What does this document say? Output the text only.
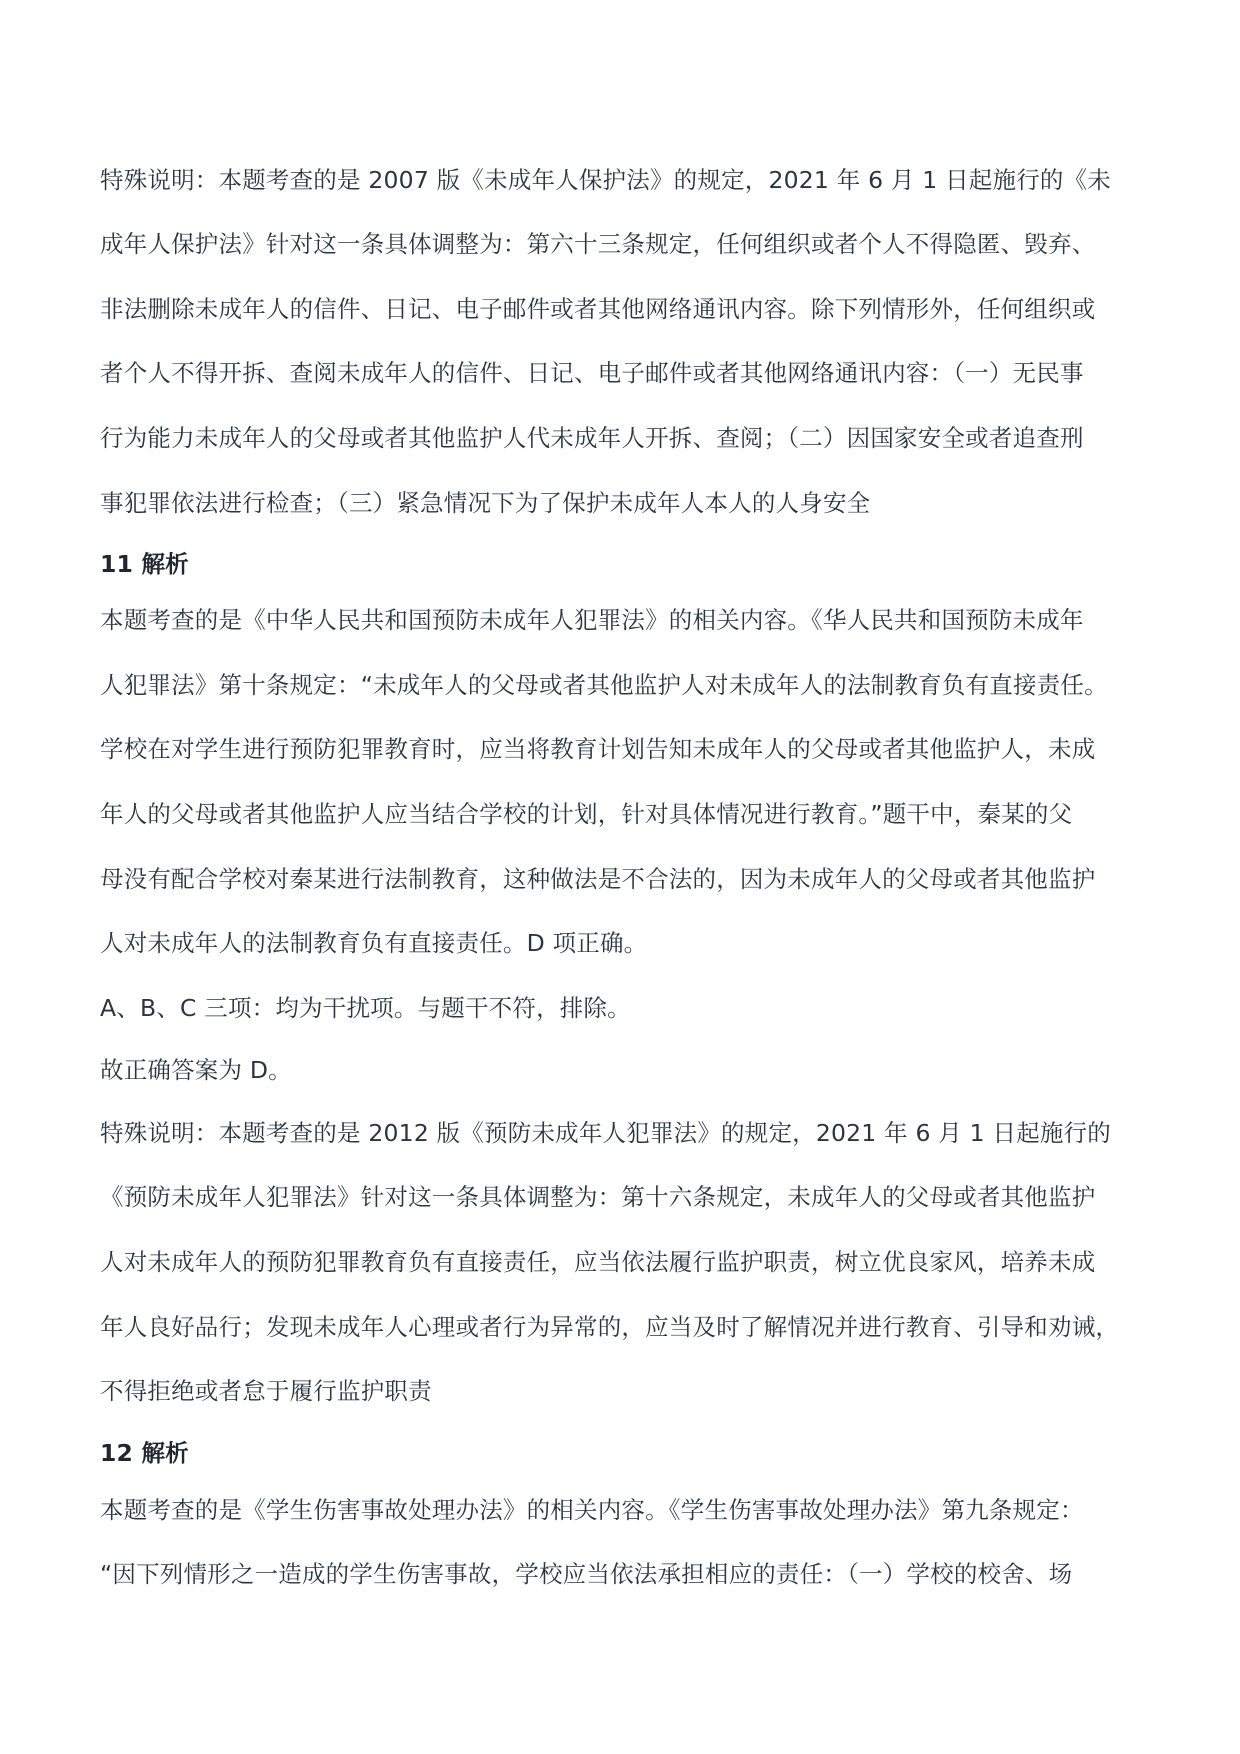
特殊说明：本题考查的是 2007 版《未成年人保护法》的规定，2021 年 6 月 1 日起施行的《未
成年人保护法》针对这一条具体调整为：第六十三条规定，任何组织或者个人不得隐匿、毁弃、
非法删除未成年人的信件、日记、电子邮件或者其他网络通讯内容。除下列情形外，任何组织或
者个人不得开拆、查阅未成年人的信件、日记、电子邮件或者其他网络通讯内容：（一）无民事
行为能力未成年人的父母或者其他监护人代未成年人开拆、查阅；（二）因国家安全或者追查刑
事犯罪依法进行检查；（三）紧急情况下为了保护未成年人本人的人身安全
11 解析
本题考查的是《中华人民共和国预防未成年人犯罪法》的相关内容。《华人民共和国预防未成年
人犯罪法》第十条规定：“未成年人的父母或者其他监护人对未成年人的法制教育负有直接责任。
学校在对学生进行预防犯罪教育时，应当将教育计划告知未成年人的父母或者其他监护人，未成
年人的父母或者其他监护人应当结合学校的计划，针对具体情况进行教育。”题干中，秦某的父
母没有配合学校对秦某进行法制教育，这种做法是不合法的，因为未成年人的父母或者其他监护
人对未成年人的法制教育负有直接责任。D 项正确。
A、B、C 三项：均为干扰项。与题干不符，排除。
故正确答案为 D。
特殊说明：本题考查的是 2012 版《预防未成年人犯罪法》的规定，2021 年 6 月 1 日起施行的
《预防未成年人犯罪法》针对这一条具体调整为：第十六条规定，未成年人的父母或者其他监护
人对未成年人的预防犯罪教育负有直接责任，应当依法履行监护职责，树立优良家风，培养未成
年人良好品行；发现未成年人心理或者行为异常的，应当及时了解情况并进行教育、引导和劝诫，
不得拒绝或者怠于履行监护职责
12 解析
本题考查的是《学生伤害事故处理办法》的相关内容。《学生伤害事故处理办法》第九条规定：
“因下列情形之一造成的学生伤害事故，学校应当依法承担相应的责任：（一）学校的校舍、场
